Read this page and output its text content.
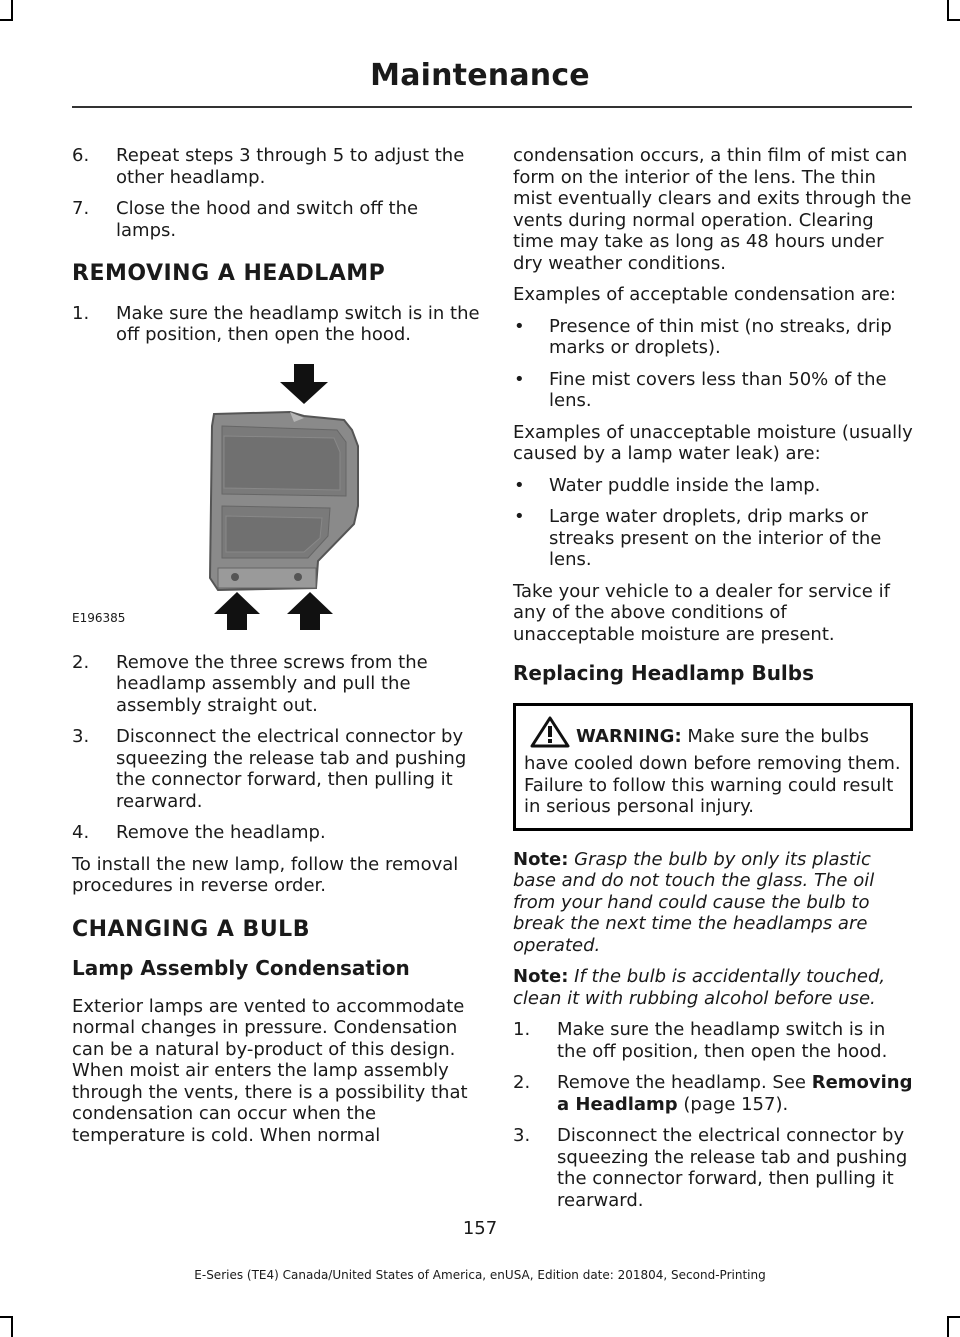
Maintenance
6.	Repeat steps 3 through 5 to adjust the other headlamp.
7.	Close the hood and switch off the lamps.
REMOVING A HEADLAMP
1.	Make sure the headlamp switch is in the off position, then open the hood.
E196385
2.	Remove the three screws from the headlamp assembly and pull the assembly straight out.
3.	Disconnect the electrical connector by squeezing the release tab and pushing the connector forward, then pulling it rearward.
4.	Remove the headlamp.

To install the new lamp, follow the removal procedures in reverse order.

CHANGING A BULB
Lamp Assembly Condensation

Exterior lamps are vented to accommodate normal changes in pressure. Condensation can be a natural by-product of this design. When moist air enters the lamp assembly through the vents, there is a possibility that condensation can occur when the temperature is cold. When normal

condensation occurs, a thin film of mist can form on the interior of the lens. The thin mist eventually clears and exits through the vents during normal operation. Clearing time may take as long as 48 hours under dry weather conditions.

Examples of acceptable condensation are:

•	Presence of thin mist (no streaks, drip marks or droplets).
•	Fine mist covers less than 50% of the lens.

Examples of unacceptable moisture (usually caused by a lamp water leak) are:

•	Water puddle inside the lamp.
•	Large water droplets, drip marks or streaks present on the interior of the lens.

Take your vehicle to a dealer for service if any of the above conditions of unacceptable moisture are present.

Replacing Headlamp Bulbs
WARNING: Make sure the bulbs have cooled down before removing them. Failure to follow this warning could result in serious personal injury.

Note: Grasp the bulb by only its plastic base and do not touch the glass. The oil from your hand could cause the bulb to break the next time the headlamps are operated.

Note: If the bulb is accidentally touched, clean it with rubbing alcohol before use.

1.	Make sure the headlamp switch is in the off position, then open the hood.
2.	Remove the headlamp. See Removing a Headlamp (page 157).
3.	Disconnect the electrical connector by squeezing the release tab and pushing the connector forward, then pulling it rearward.
157
E-Series (TE4) Canada/United States of America, enUSA, Edition date: 201804, Second-Printing
